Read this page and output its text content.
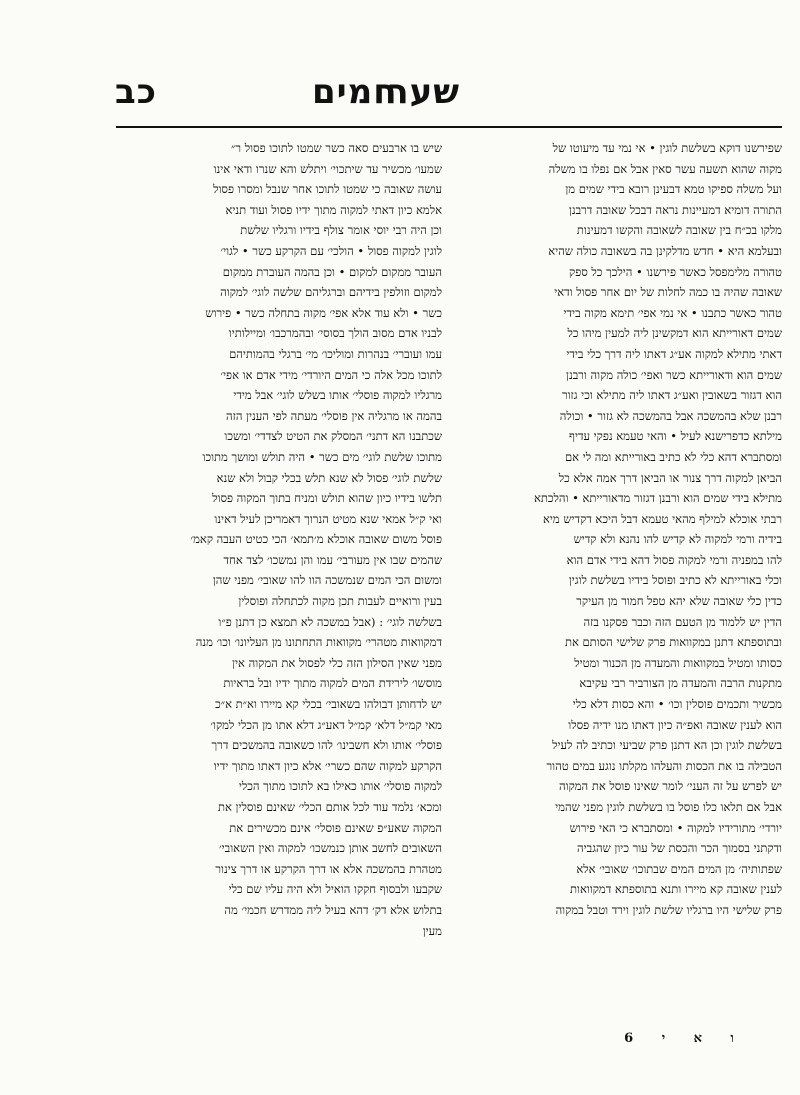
כב	חמים
שער
שפירשנו דוקא בשלשת לוגין • אי נמי עד מיעוטו של
מקוה שהוא תשעה עשר סאין אבל אם נפלו בו משלה
ועל משלה ספיקו טמא דבעינן רובא בידי שמים מן
התורה דומיא דמעיינות נראה דבכל שאובה דרבנן
מלקו בכ״ח בין שאובה לשאובה והקשו דמעינות
ובעלמא היא • חדש מדלקינן בה בשאובה כולה שהיא
טהורה מלימפסל כאשר פירשנו • הילכך כל ספק
שאובה שהיה בו כמה לחלות של יום אחר פסול ודאי
טהור כאשר כתבנו • אי נמי אפי׳ תימא מקוה בידי
שמים דאורייתא הוא דמקשינן ליה למעין מיהו כל
דאתי מתילא למקוה אע״ג דאתו ליה דרך כלי בידי
שמים הוא ודאורייתא כשר ואפי׳ כולה מקוה ורבנן
הוא דגזור בשאובין ואע״ג דאתו ליה מתילא וכי גזור
רבנן שלא בהמשכה אבל בהמשכה לא גזור • וכולה
מילתא כדפרישנא לעיל • והאי טעמא נפקי עדיף
ומסתברא דהא כלי לא כתיב באורייתא ומה לי אם
הביאן למקוה דרך צנור או הביאן דרך אמה אלא כל
מתילא בידי שמים הוא ורבנן דגזור מדאורייתא • והלכתא
רבתי אוכלא למילף מהאי טעמא דבל היכא דקדיש מיא
בידיה ורמי למקוה לא קדיש להו נהנא ולא קדיש
להו במפניה ורמי למקוה פסול דהא בידי אדם הוא
וכלי באורייתא לא כתיב ופוסל בידיו בשלשת לוגין
כדין כלי שאובה שלא יהא טפל חמור מן העיקר
הדין יש ללמוד מן הטעם הזה וכבר פסקנו בזה
ובתוספתא דתנן במקוואות פרק שלישי הסותם את
כסותו ומטיל במקוואות והמעדה מן הכנור ומטיל
מתקנות הרבה והמעדה מן הצורביר רבי עקיבא
מכשיר ותכמים פוסלין וכו׳ • והא כסות דלא כלי
הוא לענין שאובה ואפ״ה כיון דאתו מנו ידיה פסלו
בשלשת לוגין וכן הא דתנן פרק שביעי וכתיב לה לעיל
הטבילה בו את הכסות והעלהו מקלתו נוגע במים טהור
יש לפרש על זה העני׳ לומר שאינו פוסל את המקוה
אבל אם תלאו כלו פוסל בו בשלשת לוגין מפני שהמי
יורדי׳ מתורידיו למקוה • ומסתברא כי האי פירוש
ודקתני בסמוך הכר והכסת של עור כיון שהגביה
שפתותיה׳ מן המים המים שבתוכו׳ שאובי׳ אלא
לענין שאובה קא מיירו ותנא בתוספתא דמקוואות
פרק שלישי היו ברגליו שלשת לוגין וירד וטבל במקוה
שיש בו ארבעים סאה כשר שמטו לתוכו פסול ר״
שמעו׳ מכשיר עד שיתכוי׳ ויתלש והא שנרו ודאי אינו
עושה שאובה כי שמטו לתוכו אחר שנבל ומסרו פסול
אלמא כיון דאתי למקוה מתוך ידיו פסול ועוד תניא
וכן היה רבי יוסי אומר צולף בידיו ורגליו שלשת
לוגין למקוה פסול • הולכי׳ עם הקרקע כשר • לגוי׳
העובר ממקום למקום • וכן בהמה העוברת ממקום
למקום וזולפין בידיהם וברגליהם שלשה לוגי׳ למקוה
כשר • ולא עוד אלא אפי׳ מקוה בתחלה כשר • פירוש
לבניו אדם מסוב הולך בסוסי׳ ובהמרכבו׳ ומיילותיו
עמו ועוברי׳ בנהרות ומוליכו׳ מי׳ ברגלי בהמותיהם
לתוכו מכל אלה כי המים היורדי׳ מידי אדם או אפי׳
מרגליו למקוה פוסלי׳ אותו בשלש לוגי׳ אבל מידי
בהמה או מרגליה אין פוסלי׳ מעתה לפי הענין הזה
שכתבנו הא דתני׳ המסלק את הטיט לצדדי׳ ומשכו
מתוכו שלשת לוגי׳ מים כשר • היה תולש ומושך מתוכו
שלשת לוגי׳ פסול לא שנא תלש בכלי קבול ולא שנא
תלשו בידיו כיון שהוא תולש ומניח בתוך המקוה פסול
ואי ק״ל אמאי שנא מטיט הנרוך דאמריכן לעיל דאינו
פוסל משום שאובה אוכלא מ׳תמא׳ הכי כטיט העבה קאמ׳
שהמים שבו אין מעורבי׳ עמו והן נמשכו׳ לצד אחד
ומשום הכי המים שנמשכה הוו להו שאובי׳ מפני שהן
בעין ורואיים לעבות תכן מקוה לכתחלה ופוסלין
בשלשה לוגי׳ : (אבל במשכה לא תמצא כן דתנן פ״ו
דמקוואות מטהרי׳ מקוואות התחתונו מן העליונו׳ וכו׳ מנה
מפני שאין הסילון הזה כלי לפסול את המקוה אין
מוסשו׳ לירידת המים למקוה מתוך ידיו ובל בראיות
יש לדחותן דבולהו בשאובי׳ בכלי קא מיירו וא״ת א״כ
מאי קמ״ל דלא׳ קמ״ל דאע״ג דלא אתו מן הכלי למקו׳
פוסלי׳ אותו ולא חשבינו׳ להו כשאובה בהמשכים דרך
הקרקע למקוה שהם כשרי׳ אלא כיון דאתו מתוך ידיו
למקוה פוסלי׳ אותו כאילו בא לתוכו מתוך הכלי
ומכא׳ נלמד עוד לכל אותם הכלי׳ שאינם פוסלין את
המקוה שאע״פ שאינם פוסלי׳ אינם מכשירים את
השאובים לחשב אותן כנמשכו׳ למקוה ואין השאובי׳
מטהרת בהמשכה אלא או דרך הקרקע או דרך צינור
שקבעו ולבסוף חקקו הואיל ולא היה עליו שם כלי
בתלוש אלא דק׳ דהא בעיל ליה ממדרש חכמי׳ מה
מעין
ו א י 6
